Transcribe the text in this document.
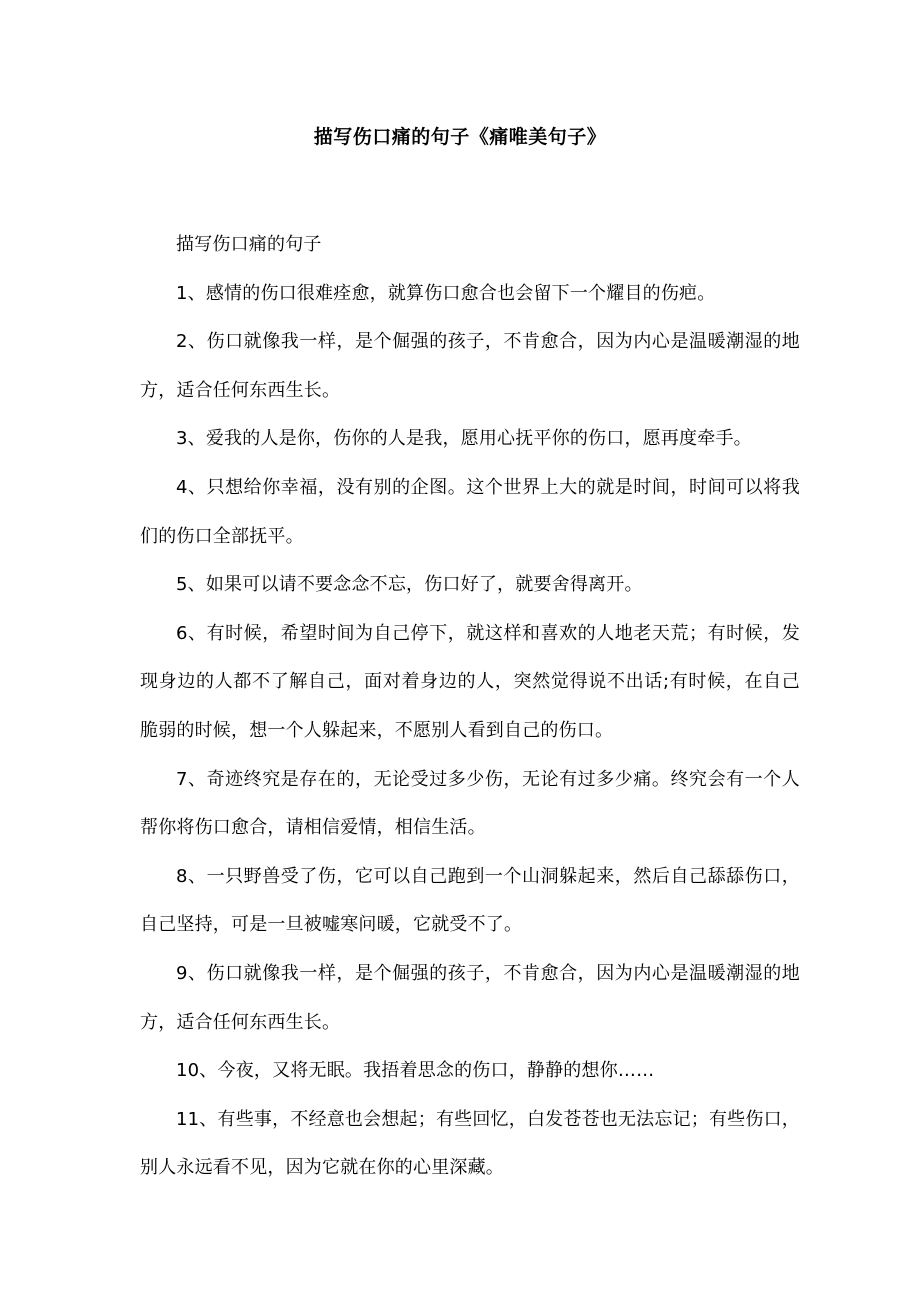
描写伤口痛的句子《痛唯美句子》

描写伤口痛的句子

1、感情的伤口很难痊愈，就算伤口愈合也会留下一个耀目的伤疤。

2、伤口就像我一样，是个倔强的孩子，不肯愈合，因为内心是温暖潮湿的地方，适合任何东西生长。

3、爱我的人是你，伤你的人是我，愿用心抚平你的伤口，愿再度牵手。

4、只想给你幸福，没有别的企图。这个世界上大的就是时间，时间可以将我们的伤口全部抚平。

5、如果可以请不要念念不忘，伤口好了，就要舍得离开。

6、有时候，希望时间为自己停下，就这样和喜欢的人地老天荒；有时候，发现身边的人都不了解自己，面对着身边的人，突然觉得说不出话;有时候，在自己脆弱的时候，想一个人躲起来，不愿别人看到自己的伤口。

7、奇迹终究是存在的，无论受过多少伤，无论有过多少痛。终究会有一个人帮你将伤口愈合，请相信爱情，相信生活。

8、一只野兽受了伤，它可以自己跑到一个山洞躲起来，然后自己舔舔伤口，自己坚持，可是一旦被嘘寒问暖，它就受不了。

9、伤口就像我一样，是个倔强的孩子，不肯愈合，因为内心是温暖潮湿的地方，适合任何东西生长。

10、今夜，又将无眠。我捂着思念的伤口，静静的想你……

11、有些事，不经意也会想起；有些回忆，白发苍苍也无法忘记；有些伤口，别人永远看不见，因为它就在你的心里深藏。
